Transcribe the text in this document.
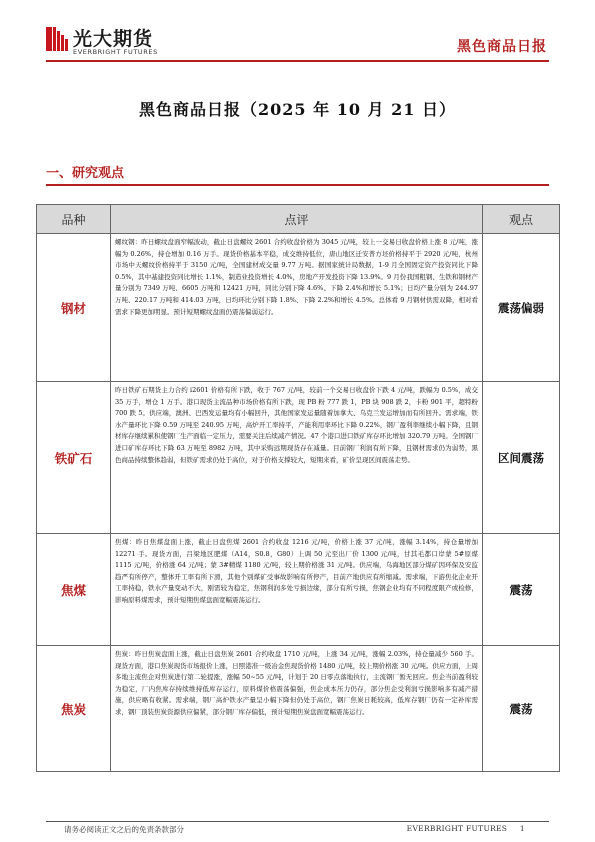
光大期货
EVERBRIGHT FUTURES	黑色商品日报
黑色商品日报（2025 年 10 月 21 日）
一、研究观点
品种	点评	观点
钢材	螺纹钢：昨日螺纹盘面窄幅波动，截止日盘螺纹 2601 合约收盘价格为 3045 元/吨，较上一交易日收盘价格上涨 8 元/吨，涨幅为 0.26%，持仓增加 0.16 万手。现货价格基本平稳，成交维持低位，唐山地区迁安普方坯价格持平于 2920 元/吨，杭州市场中天螺纹价格持平于 3150 元/吨，全国建材成交量 9.77 万吨。据国家统计局数据，1-9 月全国固定资产投资同比下降 0.5%，其中基建投资同比增长 1.1%，制造业投资增长 4.0%，房地产开发投资下降 13.9%。9 月份我国粗钢、生铁和钢材产量分别为 7349 万吨、6605 万吨和 12421 万吨，同比分别下降 4.6%、下降 2.4%和增长 5.1%；日均产量分别为 244.97 万吨、220.17 万吨和 414.03 万吨，日均环比分别下降 1.8%、下降 2.2%和增长 4.5%。总体看 9 月钢材供需双降，相对看需求下降更加明显。预计短期螺纹盘面仍震荡偏弱运行。	震荡偏弱
铁矿石	昨日铁矿石期货主力合约 i2601 价格有所下跌，收于 767 元/吨，较前一个交易日收盘价下跌 4 元/吨，跌幅为 0.5%，成交 35 万手，增仓 1 万手。港口现货主流品种市场价格有所下跌，现 PB 粉 777 跌 1，PB 块 908 跌 2，卡粉 901 平，超特粉 700 跌 5。供应端，澳洲、巴西发运量均有小幅回升，其他国家发运量随着加拿大、乌克兰发运增加而有所回升。需求端，铁水产量环比下降 0.59 万吨至 240.95 万吨，高炉开工率持平，产能利用率环比下降 0.22%，钢厂盈利率继续小幅下降，且钢材库存继续累积使钢厂生产面临一定压力，需要关注后续减产情况。47 个港口进口铁矿库存环比增加 320.79 万吨。全国钢厂进口矿库存环比下降 63 万吨至 8982 万吨，其中采购远期现货存在减量。目前钢厂利润有所下降，且钢材需求仍为弱势，黑色商品持续整体趋弱，但铁矿需求仍处于高位，对于价格支撑较大，短期来看，矿价呈现区间震荡走势。	区间震荡
焦煤	焦煤：昨日焦煤盘面上涨，截止日盘焦煤 2601 合约收盘 1216 元/吨，价格上涨 37 元/吨，涨幅 3.14%，持仓量增加 12271 手。现货方面，吕梁地区肥煤（A14，S0.8，G80）上调 50 元至出厂价 1300 元/吨，甘其毛都口岸蒙 5#原煤 1115 元/吨，价格涨 64 元/吨；蒙 3#精煤 1180 元/吨，较上期价格涨 31 元/吨。供应端，乌海地区部分煤矿因环保及安监趋严有所停产，整体开工率有所下滑，其他个别煤矿受事故影响有所停产，目前产地供应有所缩减。需求端，下游焦化企业开工率持稳，铁水产量变动不大，刚需较为稳定，焦钢利润多处亏损边缘，部分有所亏损，焦钢企业均有不同程度限产或检修，影响原料煤需求，预计短期焦煤盘面宽幅震荡运行。	震荡
焦炭	焦炭：昨日焦炭盘面上涨，截止日盘焦炭 2601 合约收盘 1710 元/吨，上涨 34 元/吨，涨幅 2.03%，持仓量减少 560 手。现货方面，港口焦炭现货市场报价上涨，日照港准一级冶金焦现货价格 1480 元/吨，较上期价格涨 30 元/吨。供应方面，上周多地主流焦企对焦炭进行第二轮提涨，涨幅 50~55 元/吨，计划于 20 日零点落地执行，主流钢厂暂无回应。焦企当前盈利较为稳定，厂内焦库存持续维持低库存运行，原料煤价格震荡偏强，焦企成本压力仍存，部分焦企受利润亏损影响多有减产措施，供应略有收紧。需求端，钢厂高炉铁水产量呈小幅下降但仍处于高位，钢厂焦炭日耗较高，低库存钢厂仍有一定补库需求，钢厂顶装焦炭资源供应偏紧，部分钢厂库存偏低，预计短期焦炭盘面宽幅震荡运行。	震荡
请务必阅读正文之后的免责条款部分	EVERBRIGHT FUTURES 1
